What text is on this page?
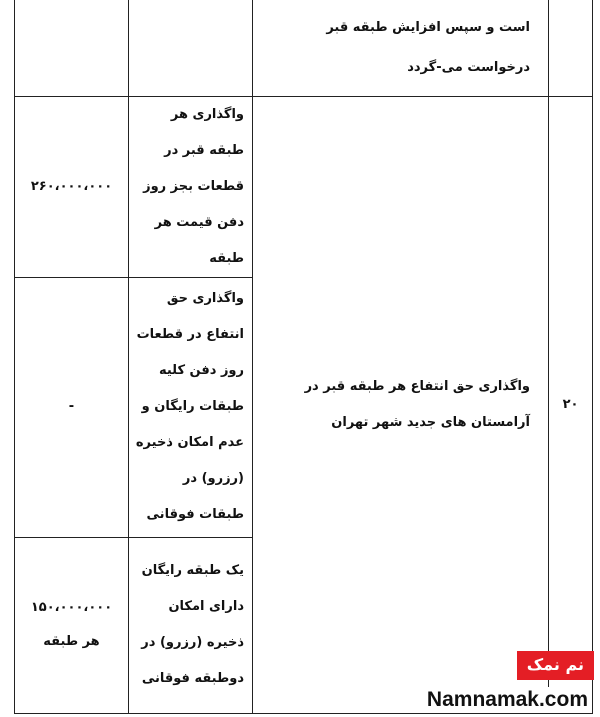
	است و سپس افزایش طبقه قبر درخواست می-گردد		

۲۰	واگذاری حق انتفاع هر طبقه قبر در آرامستان های جدید شهر تهران	واگذاری هر طبقه قبر در قطعات بجز روز دفن قیمت هر طبقه	۲۶۰،۰۰۰،۰۰۰

		واگذاری حق انتفاع در قطعات روز دفن کلیه طبقات رایگان و عدم امکان ذخیره (رزرو) در طبقات فوقانی	-

		یک طبقه رایگان دارای امکان ذخیره (رزرو) در دوطبقه فوقانی	۱۵۰،۰۰۰،۰۰۰
هر طبقه
نم نمک
Namnamak.com
